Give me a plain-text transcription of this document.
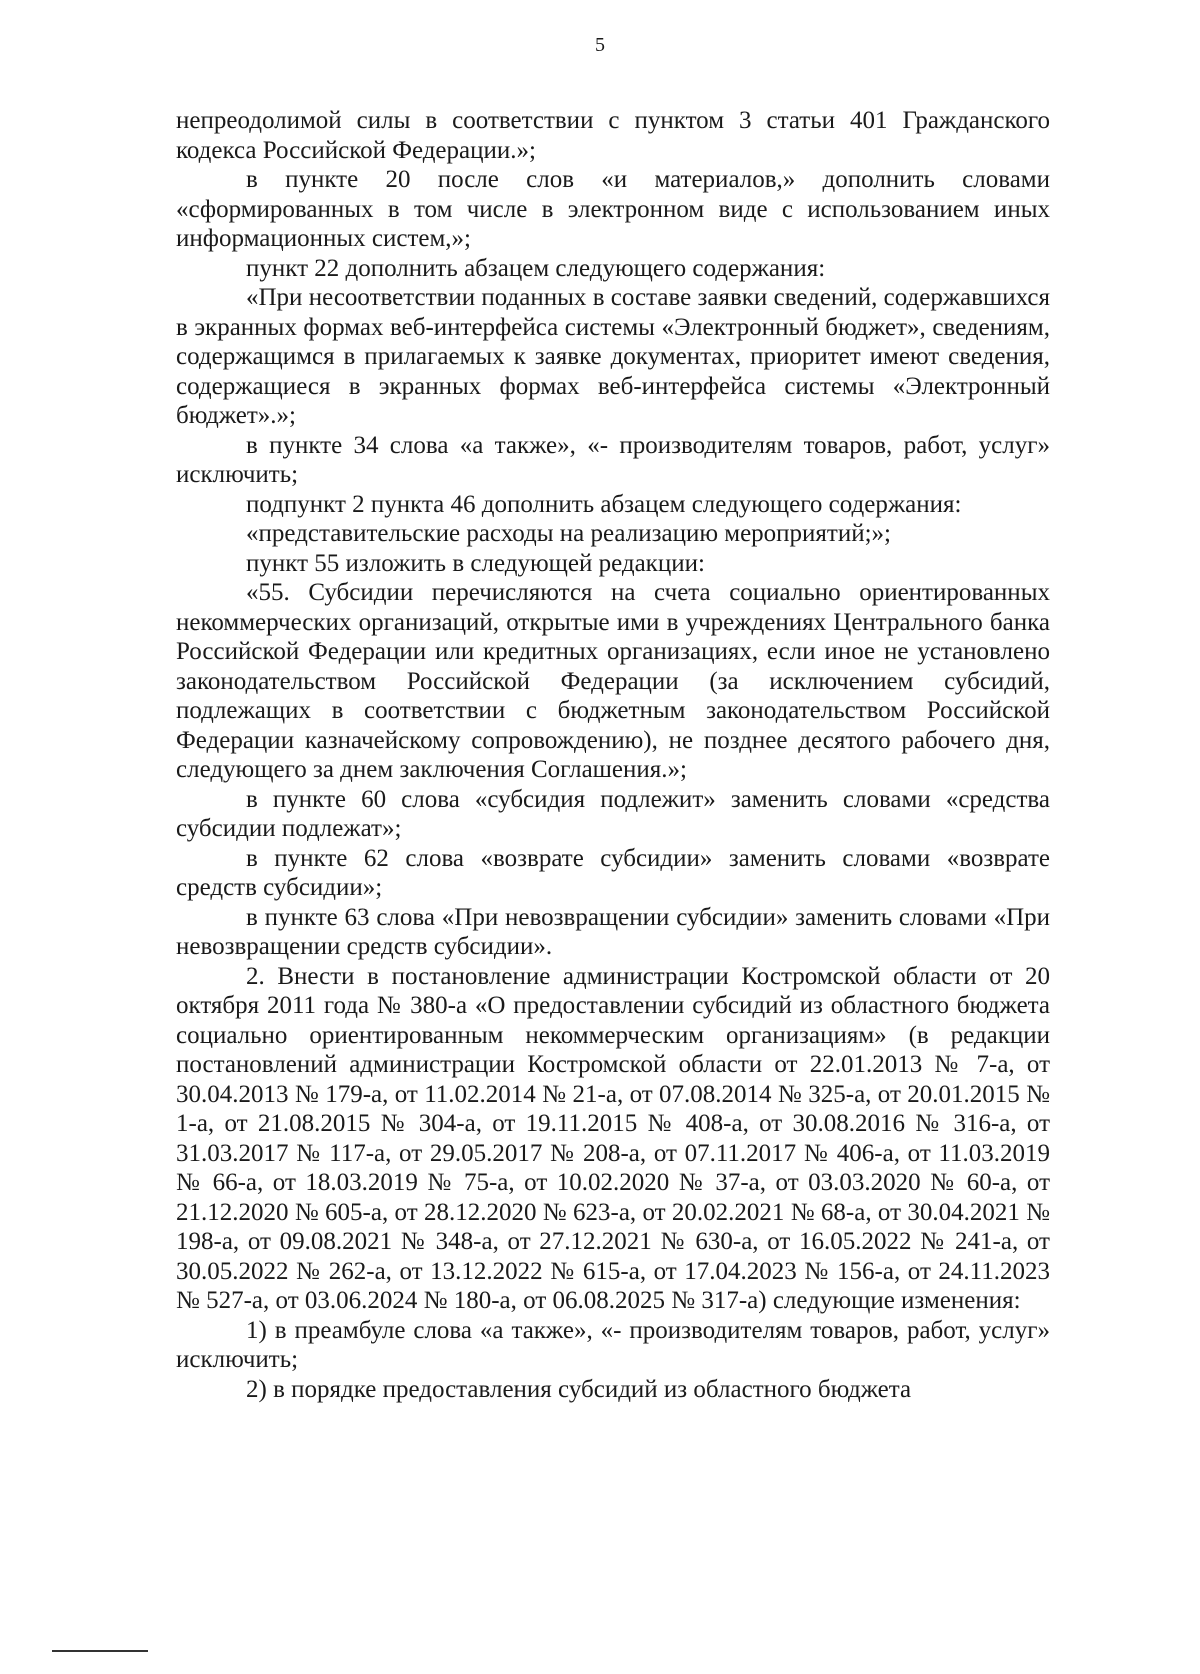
5

непреодолимой силы в соответствии с пунктом 3 статьи 401 Гражданского кодекса Российской Федерации.»;

в пункте 20 после слов «и материалов,» дополнить словами «сформированных в том числе в электронном виде с использованием иных информационных систем,»;

пункт 22 дополнить абзацем следующего содержания:

«При несоответствии поданных в составе заявки сведений, содержавшихся в экранных формах веб-интерфейса системы «Электронный бюджет», сведениям, содержащимся в прилагаемых к заявке документах, приоритет имеют сведения, содержащиеся в экранных формах веб-интерфейса системы «Электронный бюджет».»;

в пункте 34 слова «а также», «- производителям товаров, работ, услуг» исключить;

подпункт 2 пункта 46 дополнить абзацем следующего содержания:

«представительские расходы на реализацию мероприятий;»;

пункт 55 изложить в следующей редакции:

«55. Субсидии перечисляются на счета социально ориентированных некоммерческих организаций, открытые ими в учреждениях Центрального банка Российской Федерации или кредитных организациях, если иное не установлено законодательством Российской Федерации (за исключением субсидий, подлежащих в соответствии с бюджетным законодательством Российской Федерации казначейскому сопровождению), не позднее десятого рабочего дня, следующего за днем заключения Соглашения.»;

в пункте 60 слова «субсидия подлежит» заменить словами «средства субсидии подлежат»;

в пункте 62 слова «возврате субсидии» заменить словами «возврате средств субсидии»;

в пункте 63 слова «При невозвращении субсидии» заменить словами «При невозвращении средств субсидии».

2. Внести в постановление администрации Костромской области от 20 октября 2011 года № 380-а «О предоставлении субсидий из областного бюджета социально ориентированным некоммерческим организациям» (в редакции постановлений администрации Костромской области от 22.01.2013 № 7-а, от 30.04.2013 № 179-а, от 11.02.2014 № 21-а, от 07.08.2014 № 325-а, от 20.01.2015 № 1-а, от 21.08.2015 № 304-а, от 19.11.2015 № 408-а, от 30.08.2016 № 316-а, от 31.03.2017 № 117-а, от 29.05.2017 № 208-а, от 07.11.2017 № 406-а, от 11.03.2019 № 66-а, от 18.03.2019 № 75-а, от 10.02.2020 № 37-а, от 03.03.2020 № 60-а, от 21.12.2020 № 605-а, от 28.12.2020 № 623-а, от 20.02.2021 № 68-а, от 30.04.2021 № 198-а, от 09.08.2021 № 348-а, от 27.12.2021 № 630-а, от 16.05.2022 № 241-а, от 30.05.2022 № 262-а, от 13.12.2022 № 615-а, от 17.04.2023 № 156-а, от 24.11.2023 № 527-а, от 03.06.2024 № 180-а, от 06.08.2025 № 317-а) следующие изменения:

1) в преамбуле слова «а также», «- производителям товаров, работ, услуг» исключить;

2) в порядке предоставления субсидий из областного бюджета
